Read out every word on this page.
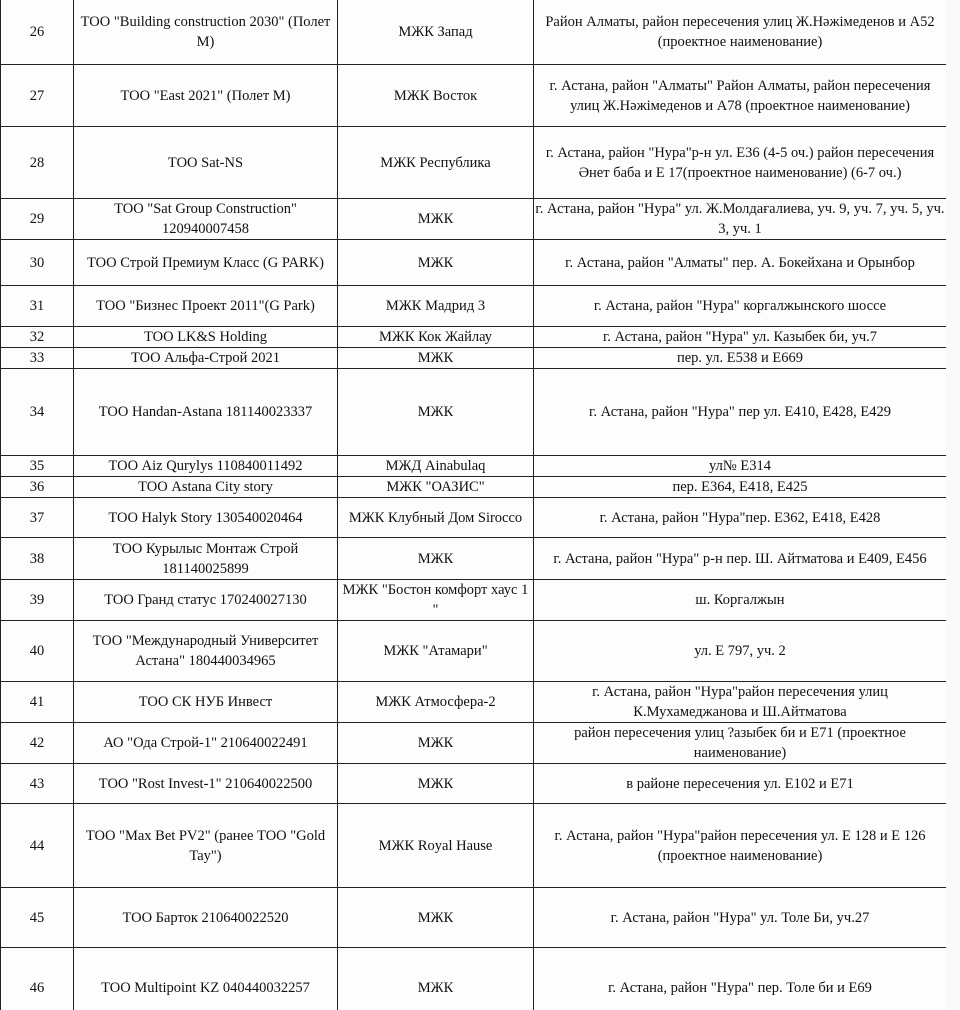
26	ТОО "Building construction 2030" (Полет М)	МЖК Запад	Район Алматы, район пересечения улиц Ж.Нәжімеденов и А52 (проектное наименование)
27	ТОО "East 2021" (Полет М)	МЖК Восток	г. Астана, район "Алматы" Район Алматы, район пересечения улиц Ж.Нәжімеденов и А78 (проектное наименование)
28	ТОО Sat-NS	МЖК Республика	г. Астана, район "Нура"р-н ул. Е36 (4-5 оч.) район пересечения Әнет баба и Е 17(проектное наименование) (6-7 оч.)
29	ТОО "Sat Group Construction" 120940007458	МЖК	г. Астана, район "Нура" ул. Ж.Молдағалиева, уч. 9, уч. 7, уч. 5, уч. 3, уч. 1
30	ТОО Строй Премиум Класс (G PARK)	МЖК	г. Астана, район "Алматы" пер. А. Бокейхана и Орынбор
31	ТОО "Бизнес Проект 2011"(G Park)	МЖК Мадрид 3	г. Астана, район "Нура" коргалжынского шоссе
32	ТОО LK&S Holding	МЖК Кок Жайлау	г. Астана, район "Нура" ул. Казыбек би, уч.7
33	ТОО Альфа-Строй 2021	МЖК	пер. ул. Е538 и Е669
34	ТОО Handan-Astana 181140023337	МЖК	г. Астана, район "Нура" пер ул. Е410, Е428, Е429
35	ТОО Aiz Qurylys 110840011492	МЖД Ainabulaq	ул№ Е314
36	ТОО Astana City story	МЖК "ОАЗИС"	пер. Е364, Е418, Е425
37	ТОО Halyk Story 130540020464	МЖК Клубный Дом Sirocco	г. Астана, район "Нура"пер. Е362, Е418, Е428
38	ТОО Курылыс Монтаж Строй 181140025899	МЖК	г. Астана, район "Нура" р-н пер. Ш. Айтматова и Е409, Е456
39	ТОО Гранд статус 170240027130	МЖК "Бостон комфорт хаус 1 "	ш. Коргалжын
40	ТОО "Международный Университет Астана" 180440034965	МЖК "Атамари"	ул. Е 797, уч. 2
41	ТОО СК НУБ Инвест	МЖК Атмосфера-2	г. Астана, район "Нура"район пересечения улиц К.Мухамеджанова и Ш.Айтматова
42	АО "Ода Строй-1" 210640022491	МЖК	район пересечения улиц ?азыбек би и Е71 (проектное наименование)
43	ТОО "Rost Invest-1" 210640022500	МЖК	в районе пересечения ул. Е102 и Е71
44	ТОО "Max Bet PV2" (ранее ТОО "Gold Tay")	МЖК Royal Hause	г. Астана, район "Нура"район пересечения ул. Е 128 и Е 126 (проектное наименование)
45	ТОО Барток 210640022520	МЖК	г. Астана, район "Нура" ул. Толе Би, уч.27
46	ТОО Multipoint KZ 040440032257	МЖК	г. Астана, район "Нура" пер. Толе би и Е69
